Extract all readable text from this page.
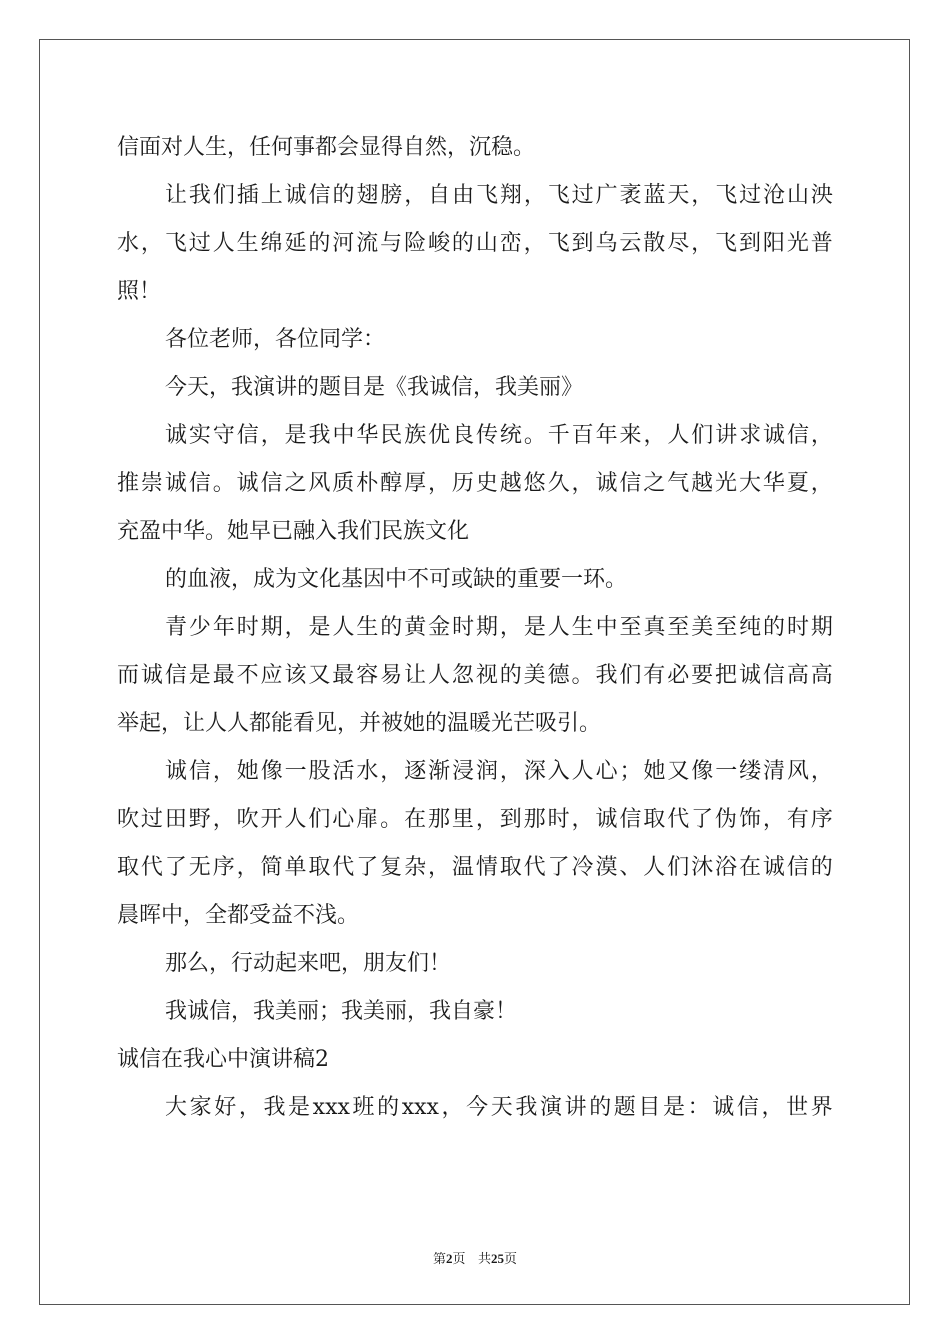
信面对人生，任何事都会显得自然，沉稳。
让 我 们 插 上 诚 信 的 翅 膀 ， 自 由 飞 翔 ， 飞 过 广 袤 蓝 天 ， 飞 过 沧 山 泱
水 ， 飞 过 人 生 绵 延 的 河 流 与 险 峻 的 山 峦 ， 飞 到 乌 云 散 尽 ， 飞 到 阳 光 普
照！
各位老师，各位同学：
今天，我演讲的题目是《我诚信，我美丽》
诚 实 守 信 ， 是 我 中 华 民 族 优 良 传 统 。 千 百 年 来 ， 人 们 讲 求 诚 信 ，
推 崇 诚 信 。 诚 信 之 风 质 朴 醇 厚 ， 历 史 越 悠 久 ， 诚 信 之 气 越 光 大 华 夏 ，
充盈中华。她早已融入我们民族文化
的血液，成为文化基因中不可或缺的重要一环。
青 少 年 时 期 ， 是 人 生 的 黄 金 时 期 ， 是 人 生 中 至 真 至 美 至 纯 的 时 期
而 诚 信 是 最 不 应 该 又 最 容 易 让 人 忽 视 的 美 德 。 我 们 有 必 要 把 诚 信 高 高
举起，让人人都能看见，并被她的温暖光芒吸引。
诚 信 ， 她 像 一 股 活 水 ， 逐 渐 浸 润 ， 深 入 人 心 ； 她 又 像 一 缕 清 风 ，
吹 过 田 野 ， 吹 开 人 们 心 扉 。 在 那 里 ， 到 那 时 ， 诚 信 取 代 了 伪 饰 ， 有 序
取 代 了 无 序 ， 简 单 取 代 了 复 杂 ， 温 情 取 代 了 冷 漠 、 人 们 沐 浴 在 诚 信 的
晨晖中，全都受益不浅。
那么，行动起来吧，朋友们！
我诚信，我美丽；我美丽，我自豪！
诚信在我心中演讲稿2
大 家 好 ， 我 是 xxx 班 的 xxx ， 今 天 我 演 讲 的 题 目 是 ： 诚 信 ， 世 界
第2页   共25页
